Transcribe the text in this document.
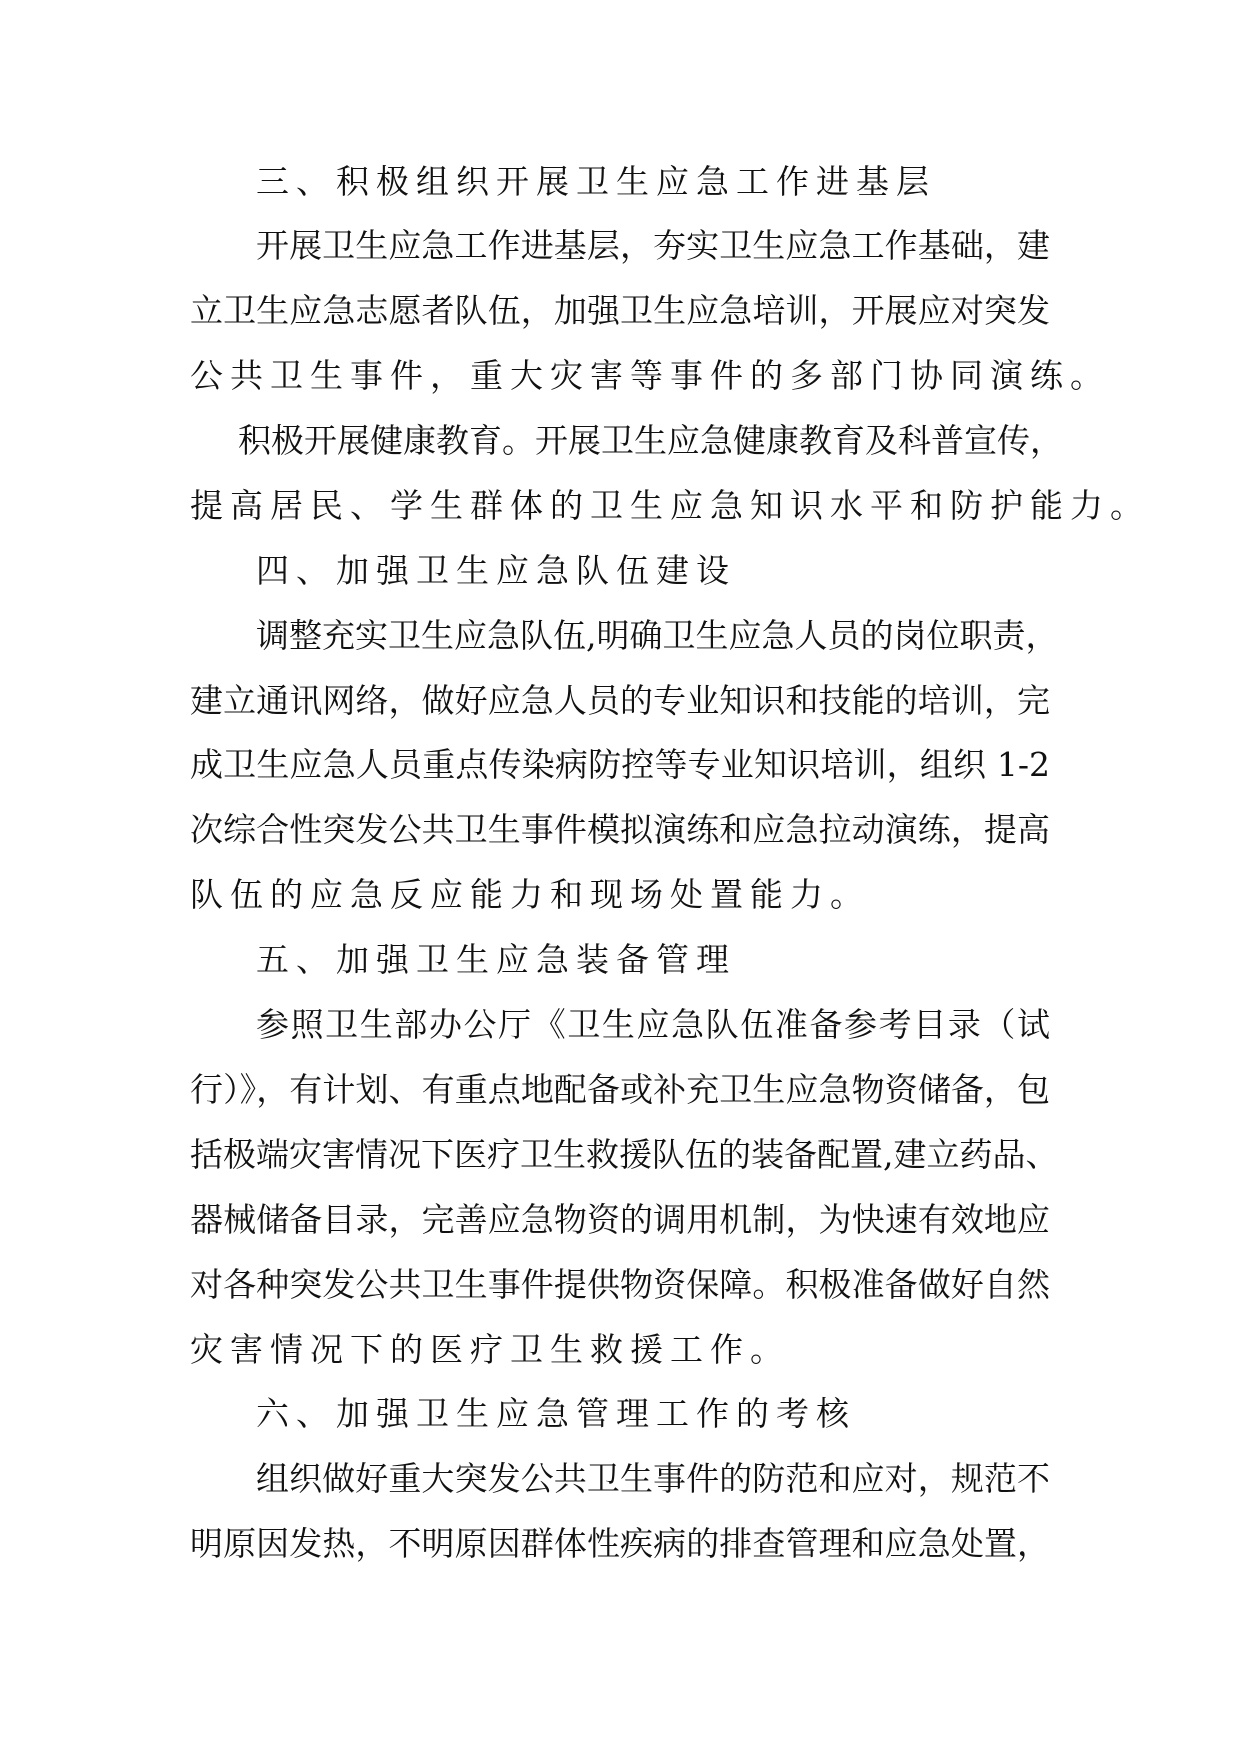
三、积极组织开展卫生应急工作进基层
开展卫生应急工作进基层，夯实卫生应急工作基础，建
立卫生应急志愿者队伍，加强卫生应急培训，开展应对突发
公共卫生事件，重大灾害等事件的多部门协同演练。
积极开展健康教育。开展卫生应急健康教育及科普宣传，
提高居民、学生群体的卫生应急知识水平和防护能力。
四、加强卫生应急队伍建设
调整充实卫生应急队伍,明确卫生应急人员的岗位职责，
建立通讯网络，做好应急人员的专业知识和技能的培训，完
成卫生应急人员重点传染病防控等专业知识培训，组织 1-2
次综合性突发公共卫生事件模拟演练和应急拉动演练，提高
队伍的应急反应能力和现场处置能力。
五、加强卫生应急装备管理
参照卫生部办公厅《卫生应急队伍准备参考目录（试
行）》，有计划、有重点地配备或补充卫生应急物资储备，包
括极端灾害情况下医疗卫生救援队伍的装备配置,建立药品、
器械储备目录，完善应急物资的调用机制，为快速有效地应
对各种突发公共卫生事件提供物资保障。积极准备做好自然
灾害情况下的医疗卫生救援工作。
六、加强卫生应急管理工作的考核
组织做好重大突发公共卫生事件的防范和应对，规范不
明原因发热，不明原因群体性疾病的排查管理和应急处置，
